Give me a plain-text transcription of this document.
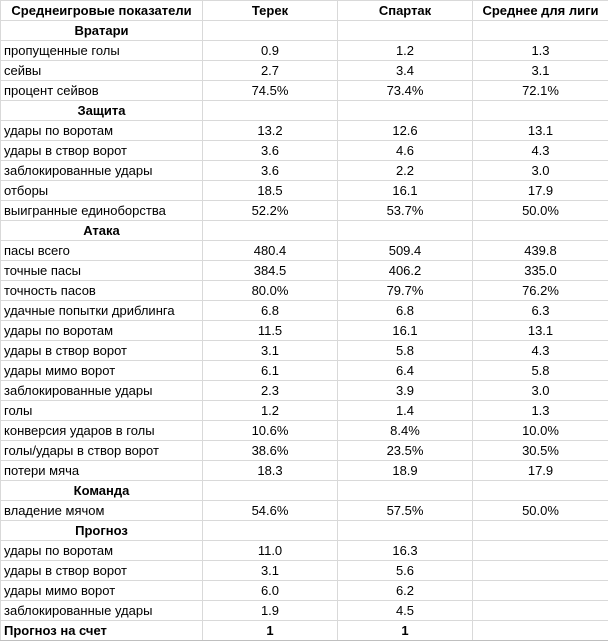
Среднеигровые показатели	Терек	Спартак	Среднее для лиги
Вратари			
пропущенные голы	0.9	1.2	1.3
сейвы	2.7	3.4	3.1
процент сейвов	74.5%	73.4%	72.1%
Защита			
удары по воротам	13.2	12.6	13.1
удары в створ ворот	3.6	4.6	4.3
заблокированные удары	3.6	2.2	3.0
отборы	18.5	16.1	17.9
выигранные единоборства	52.2%	53.7%	50.0%
Атака			
пасы всего	480.4	509.4	439.8
точные пасы	384.5	406.2	335.0
точность пасов	80.0%	79.7%	76.2%
удачные попытки дриблинга	6.8	6.8	6.3
удары по воротам	11.5	16.1	13.1
удары в створ ворот	3.1	5.8	4.3
удары мимо ворот	6.1	6.4	5.8
заблокированные удары	2.3	3.9	3.0
голы	1.2	1.4	1.3
конверсия ударов в голы	10.6%	8.4%	10.0%
голы/удары в створ ворот	38.6%	23.5%	30.5%
потери мяча	18.3	18.9	17.9
Команда			
владение мячом	54.6%	57.5%	50.0%
Прогноз			
удары по воротам	11.0	16.3	
удары в створ ворот	3.1	5.6	
удары мимо ворот	6.0	6.2	
заблокированные удары	1.9	4.5	
Прогноз на счет	1	1	
